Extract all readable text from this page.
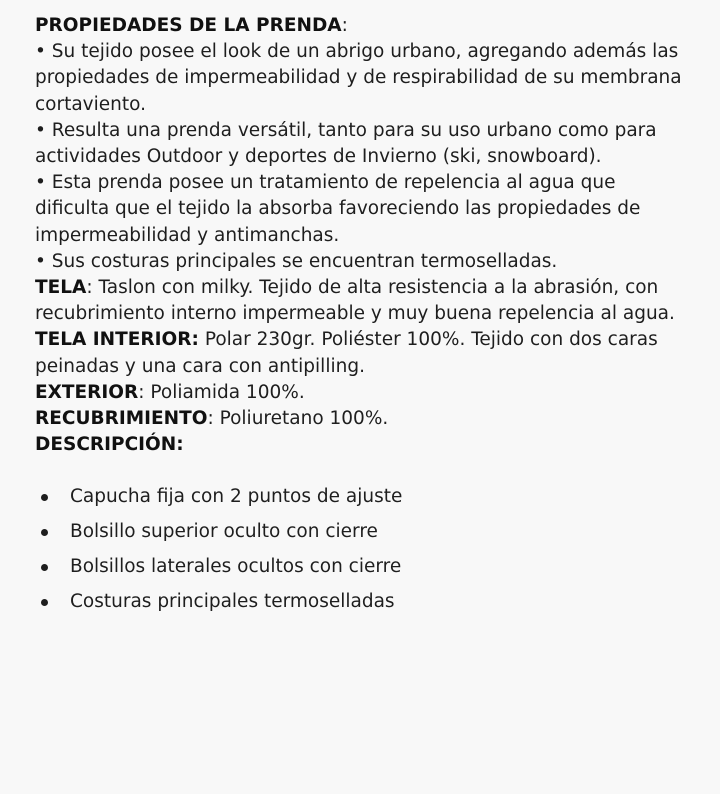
PROPIEDADES DE LA PRENDA:

• Su tejido posee el look de un abrigo urbano, agregando además las propiedades de impermeabilidad y de respirabilidad de su membrana cortaviento.
• Resulta una prenda versátil, tanto para su uso urbano como para actividades Outdoor y deportes de Invierno (ski, snowboard).
• Esta prenda posee un tratamiento de repelencia al agua que dificulta que el tejido la absorba favoreciendo las propiedades de impermeabilidad y antimanchas.
• Sus costuras principales se encuentran termoselladas.

TELA: Taslon con milky. Tejido de alta resistencia a la abrasión, con recubrimiento interno impermeable y muy buena repelencia al agua.

TELA INTERIOR: Polar 230gr. Poliéster 100%. Tejido con dos caras peinadas y una cara con antipilling.

EXTERIOR: Poliamida 100%.

RECUBRIMIENTO: Poliuretano 100%.

DESCRIPCIÓN:

Capucha fija con 2 puntos de ajuste
Bolsillo superior oculto con cierre
Bolsillos laterales ocultos con cierre
Costuras principales termoselladas
